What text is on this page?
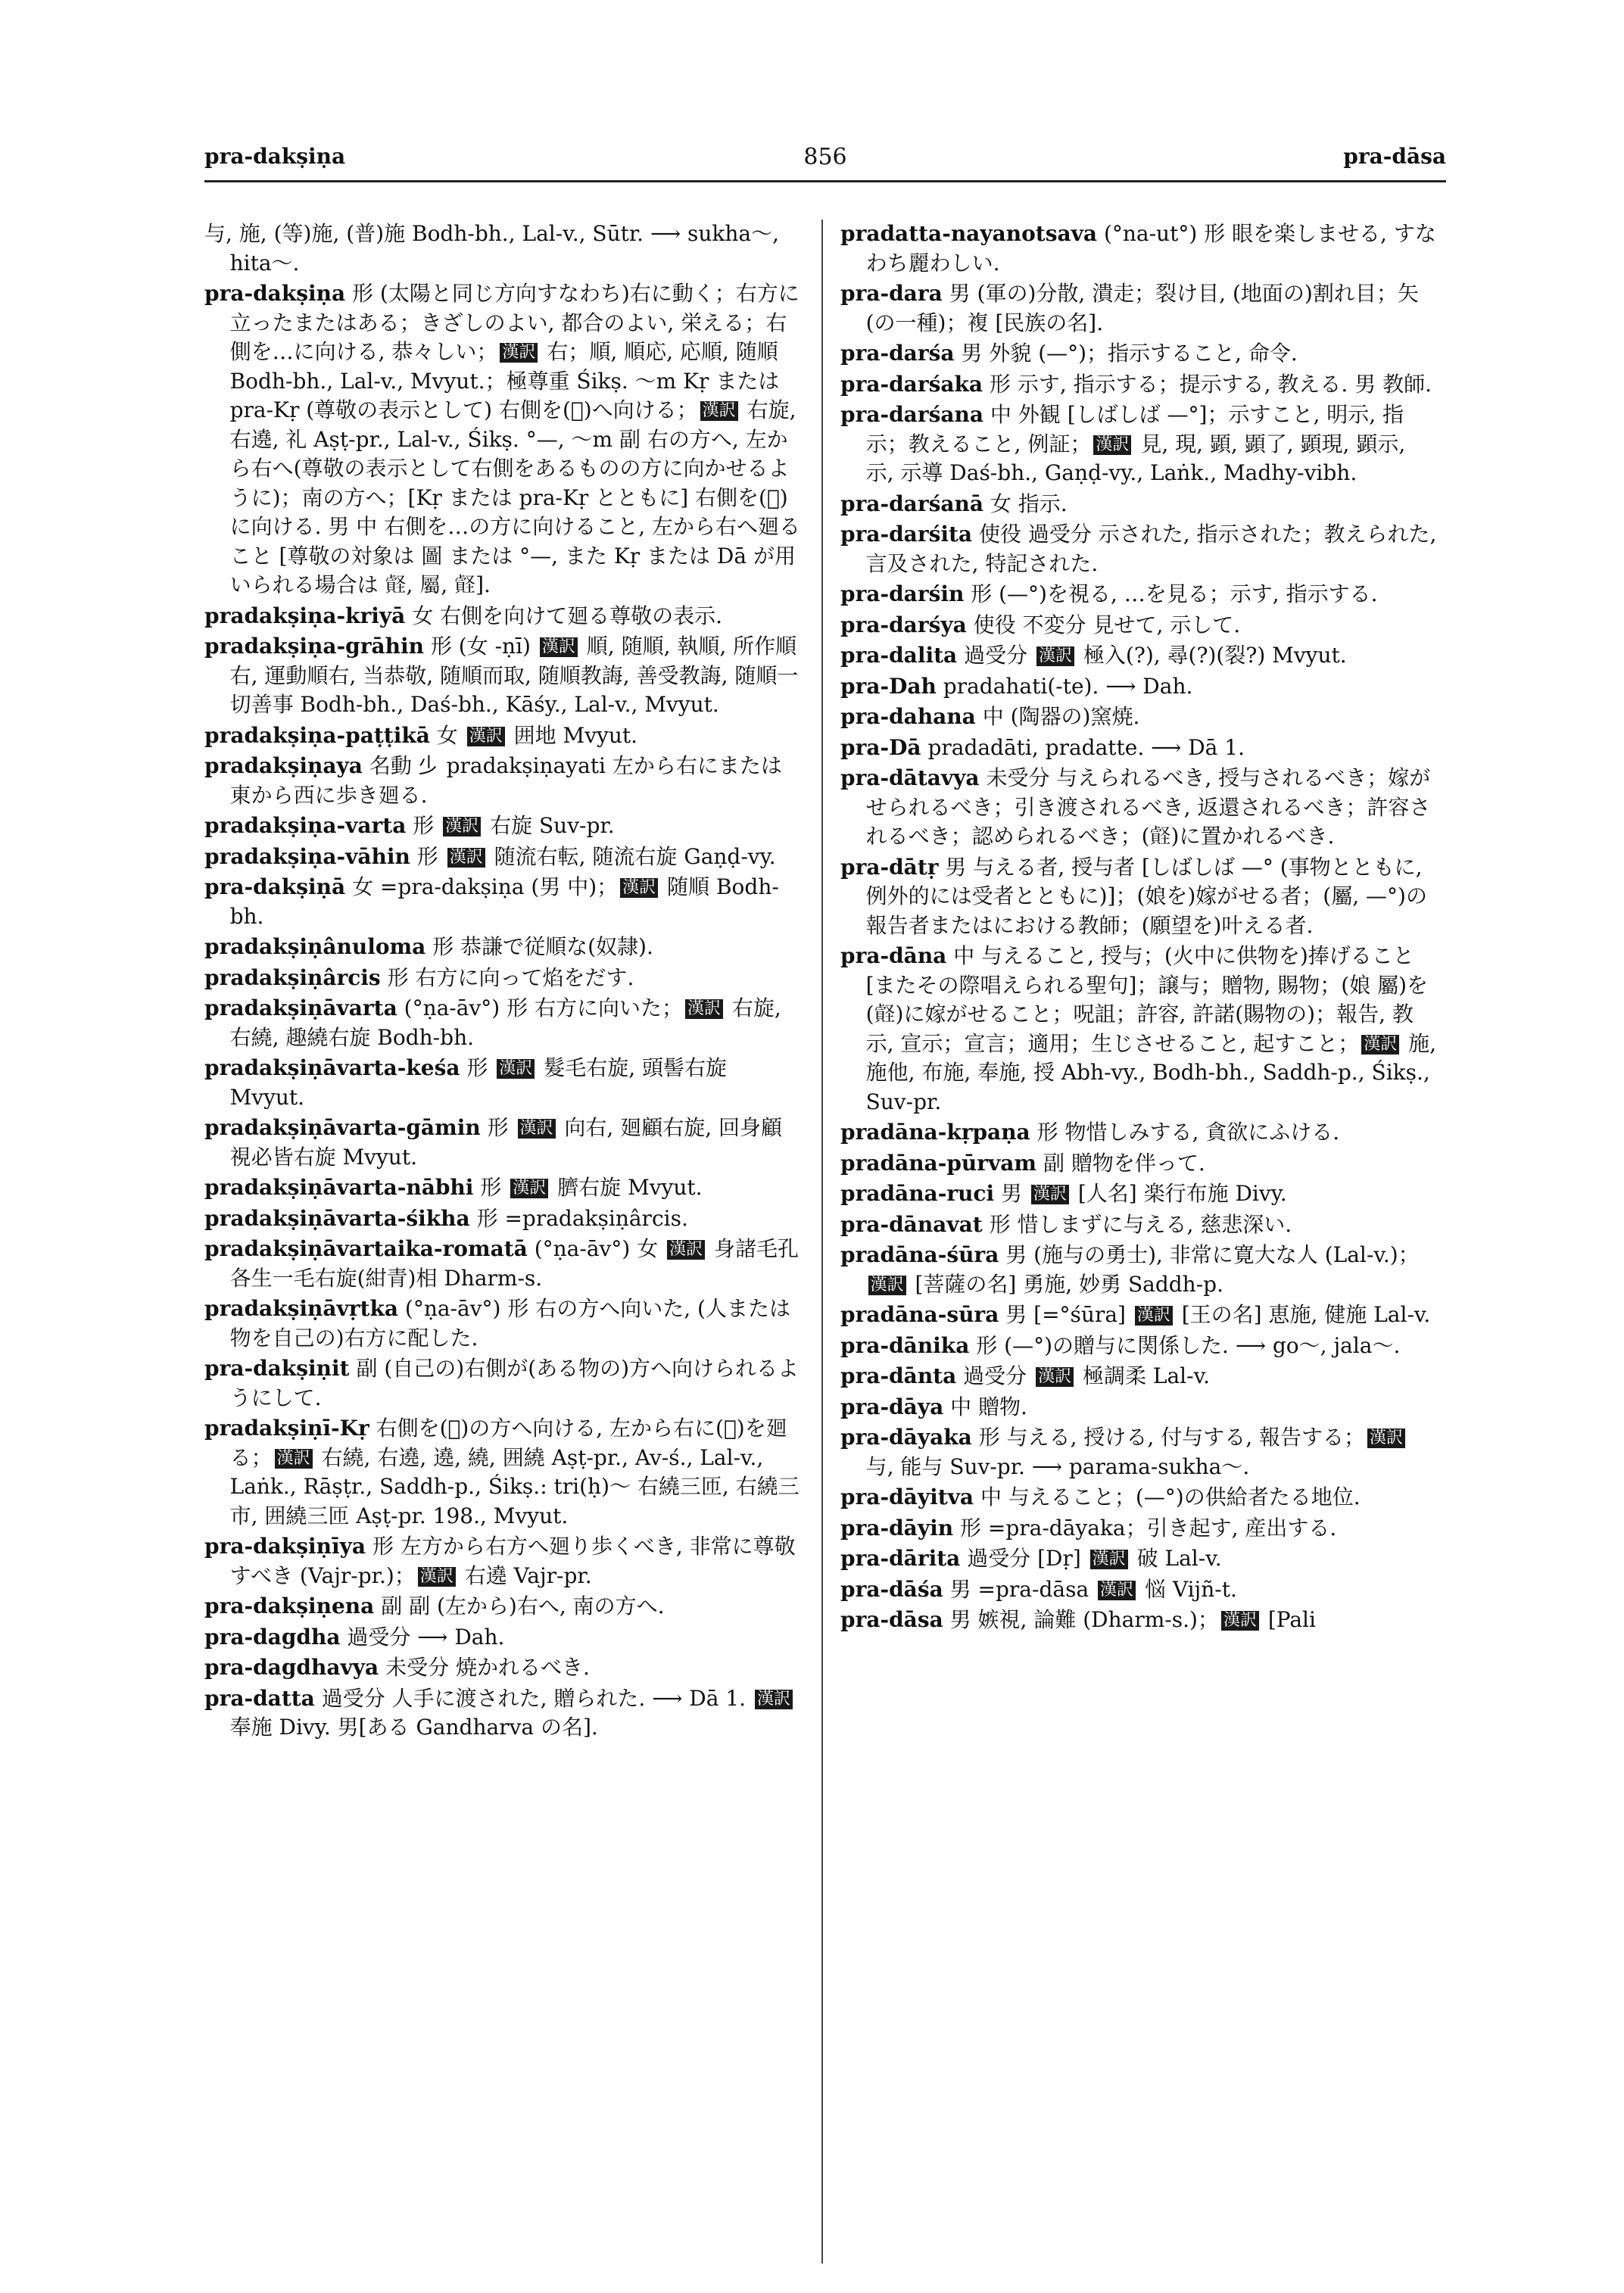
pra-dakṣiṇa	856	pra-dāsa
与, 施, (等)施, (普)施 Bodh-bh., Lal-v., Sūtr. ⟶ sukha～, hita～.
pra-dakṣiṇa 形 (太陽と同じ方向すなわち)右に動く；右方に立ったまたはある；きざしのよい, 都合のよい, 栄える；右側を…に向ける, 恭々しい； 漢訳 右；順, 順応, 応順, 随順 Bodh-bh., Lal-v., Mvyut.；極尊重 Śikṣ. ～m Kṛ または pra-Kṛ (尊敬の表示として) 右側を(𥘉)へ向ける； 漢訳 右旋, 右遶, 礼 Aṣṭ-pr., Lal-v., Śikṣ. °—, ～m 副 右の方へ, 左から右へ(尊敬の表示として右側をあるものの方に向かせるように)；南の方へ；[Kṛ または pra-Kṛ とともに] 右側を(𥘉)に向ける. 男 中 右側を…の方に向けること, 左から右へ廻ること [尊敬の対象は 圖 または °—, また Kṛ または Dā が用いられる場合は 𧷎, 屬, 𧷎].
pradakṣiṇa-kriyā 女 右側を向けて廻る尊敬の表示.
pradakṣiṇa-grāhin 形 (女 -ṇī) 漢訳 順, 随順, 執順, 所作順右, 運動順右, 当恭敬, 随順而取, 随順教誨, 善受教誨, 随順一切善事 Bodh-bh., Daś-bh., Kāśy., Lal-v., Mvyut.
pradakṣiṇa-paṭṭikā 女 漢訳 囲地 Mvyut.
pradakṣiṇaya 名動 𣥂 pradakṣiṇayati 左から右にまたは東から西に歩き廻る.
pradakṣiṇa-varta 形 漢訳 右旋 Suv-pr.
pradakṣiṇa-vāhin 形 漢訳 随流右転, 随流右旋 Gaṇḍ-vy.
pra-dakṣiṇā 女 =pra-dakṣiṇa (男 中)； 漢訳 随順 Bodh-bh.
pradakṣiṇânuloma 形 恭謙で従順な(奴隷).
pradakṣiṇârcis 形 右方に向って焰をだす.
pradakṣiṇāvarta (°ṇa-āv°) 形 右方に向いた； 漢訳 右旋, 右繞, 趣繞右旋 Bodh-bh.
pradakṣiṇāvarta-keśa 形 漢訳 髮毛右旋, 頭髻右旋 Mvyut.
pradakṣiṇāvarta-gāmin 形 漢訳 向右, 廻顧右旋, 回身顧視必皆右旋 Mvyut.
pradakṣiṇāvarta-nābhi 形 漢訳 臍右旋 Mvyut.
pradakṣiṇāvarta-śikha 形 =pradakṣiṇârcis.
pradakṣiṇāvartaika-romatā (°ṇa-āv°) 女 漢訳 身諸毛孔各生一毛右旋(紺青)相 Dharm-s.
pradakṣiṇāvṛtka (°ṇa-āv°) 形 右の方へ向いた, (人または物を自己の)右方に配した.
pra-dakṣiṇit 副 (自己の)右側が(ある物の)方へ向けられるようにして.
pradakṣiṇī-Kṛ 右側を(𥘉)の方へ向ける, 左から右に(𥘉)を廻る； 漢訳 右繞, 右遶, 遶, 繞, 囲繞 Aṣṭ-pr., Av-ś., Lal-v., Laṅk., Rāṣṭr., Saddh-p., Śikṣ.: tri(ḥ)～ 右繞三匝, 右繞三市, 囲繞三匝 Aṣṭ-pr. 198., Mvyut.
pra-dakṣiṇīya 形 左方から右方へ廻り歩くべき, 非常に尊敬すべき (Vajr-pr.)； 漢訳 右遶 Vajr-pr.
pra-dakṣiṇena 副 副 (左から)右へ, 南の方へ.
pra-dagdha 過受分 ⟶ Dah.
pra-dagdhavya 未受分 焼かれるべき.
pra-datta 過受分 人手に渡された, 贈られた. ⟶ Dā 1. 漢訳 奉施 Divy. 男[ある Gandharva の名].
pradatta-nayanotsava (°na-ut°) 形 眼を楽しませる, すなわち麗わしい.
pra-dara 男 (軍の)分散, 潰走；裂け目, (地面の)割れ目；矢(の一種)；複 [民族の名].
pra-darśa 男 外貌 (—°)；指示すること, 命令.
pra-darśaka 形 示す, 指示する；提示する, 教える. 男 教師.
pra-darśana 中 外観 [しばしば —°]；示すこと, 明示, 指示；教えること, 例証； 漢訳 見, 現, 顕, 顕了, 顕現, 顕示, 示, 示導 Daś-bh., Gaṇḍ-vy., Laṅk., Madhy-vibh.
pra-darśanā 女 指示.
pra-darśita 使役 過受分 示された, 指示された；教えられた, 言及された, 特記された.
pra-darśin 形 (—°)を視る, …を見る；示す, 指示する.
pra-darśya 使役 不変分 見せて, 示して.
pra-dalita 過受分 漢訳 極入(?), 尋(?)(裂?) Mvyut.
pra-Dah pradahati(-te). ⟶ Dah.
pra-dahana 中 (陶器の)窯焼.
pra-Dā pradadāti, pradatte. ⟶ Dā 1.
pra-dātavya 未受分 与えられるべき, 授与されるべき；嫁がせられるべき；引き渡されるべき, 返還されるべき；許容されるべき；認められるべき；(𧷎)に置かれるべき.
pra-dātṛ 男 与える者, 授与者 [しばしば —° (事物とともに, 例外的には受者とともに)]；(娘を)嫁がせる者；(屬, —°)の報告者またはにおける教師；(願望を)叶える者.
pra-dāna 中 与えること, 授与；(火中に供物を)捧げること [またその際唱えられる聖句]；譲与；贈物, 賜物；(娘 屬)を(𧷎)に嫁がせること；呪詛；許容, 許諾(賜物の)；報告, 教示, 宣示；宣言；適用；生じさせること, 起すこと； 漢訳 施, 施他, 布施, 奉施, 授 Abh-vy., Bodh-bh., Saddh-p., Śikṣ., Suv-pr.
pradāna-kṛpaṇa 形 物惜しみする, 貪欲にふける.
pradāna-pūrvam 副 贈物を伴って.
pradāna-ruci 男 漢訳 [人名] 楽行布施 Divy.
pra-dānavat 形 惜しまずに与える, 慈悲深い.
pradāna-śūra 男 (施与の勇士), 非常に寛大な人 (Lal-v.)；漢訳 [菩薩の名] 勇施, 妙勇 Saddh-p.
pradāna-sūra 男 [=°śūra] 漢訳 [王の名] 恵施, 健施 Lal-v.
pra-dānika 形 (—°)の贈与に関係した. ⟶ go～, jala～.
pra-dānta 過受分 漢訳 極調柔 Lal-v.
pra-dāya 中 贈物.
pra-dāyaka 形 与える, 授ける, 付与する, 報告する； 漢訳 与, 能与 Suv-pr. ⟶ parama-sukha～.
pra-dāyitva 中 与えること；(—°)の供給者たる地位.
pra-dāyin 形 =pra-dāyaka；引き起す, 産出する.
pra-dārita 過受分 [Dṛ] 漢訳 破 Lal-v.
pra-dāśa 男 =pra-dāsa 漢訳 悩 Vijñ-t.
pra-dāsa 男 嫉視, 論難 (Dharm-s.)； 漢訳 [Pali
